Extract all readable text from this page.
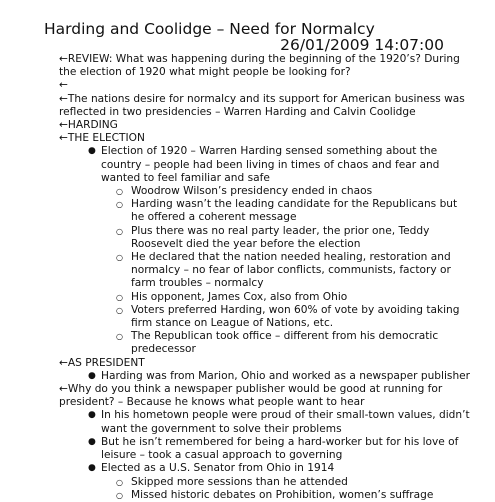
Harding and Coolidge – Need for Normalcy
26/01/2009 14:07:00
←REVIEW: What was happening during the beginning of the 1920’s? During
the election of 1920 what might people be looking for?
←
←The nations desire for normalcy and its support for American business was
reflected in two presidencies – Warren Harding and Calvin Coolidge
←HARDING
←THE ELECTION
● Election of 1920 – Warren Harding sensed something about the
country – people had been living in times of chaos and fear and
wanted to feel familiar and safe
○ Woodrow Wilson’s presidency ended in chaos
○ Harding wasn’t the leading candidate for the Republicans but
he offered a coherent message
○ Plus there was no real party leader, the prior one, Teddy
Roosevelt died the year before the election
○ He declared that the nation needed healing, restoration and
normalcy – no fear of labor conflicts, communists, factory or
farm troubles – normalcy
○ His opponent, James Cox, also from Ohio
○ Voters preferred Harding, won 60% of vote by avoiding taking
firm stance on League of Nations, etc.
○ The Republican took office – different from his democratic
predecessor
←AS PRESIDENT
● Harding was from Marion, Ohio and worked as a newspaper publisher
←Why do you think a newspaper publisher would be good at running for
president? – Because he knows what people want to hear
● In his hometown people were proud of their small-town values, didn’t
want the government to solve their problems
● But he isn’t remembered for being a hard-worker but for his love of
leisure – took a casual approach to governing
● Elected as a U.S. Senator from Ohio in 1914
○ Skipped more sessions than he attended
○ Missed historic debates on Prohibition, women’s suffrage
